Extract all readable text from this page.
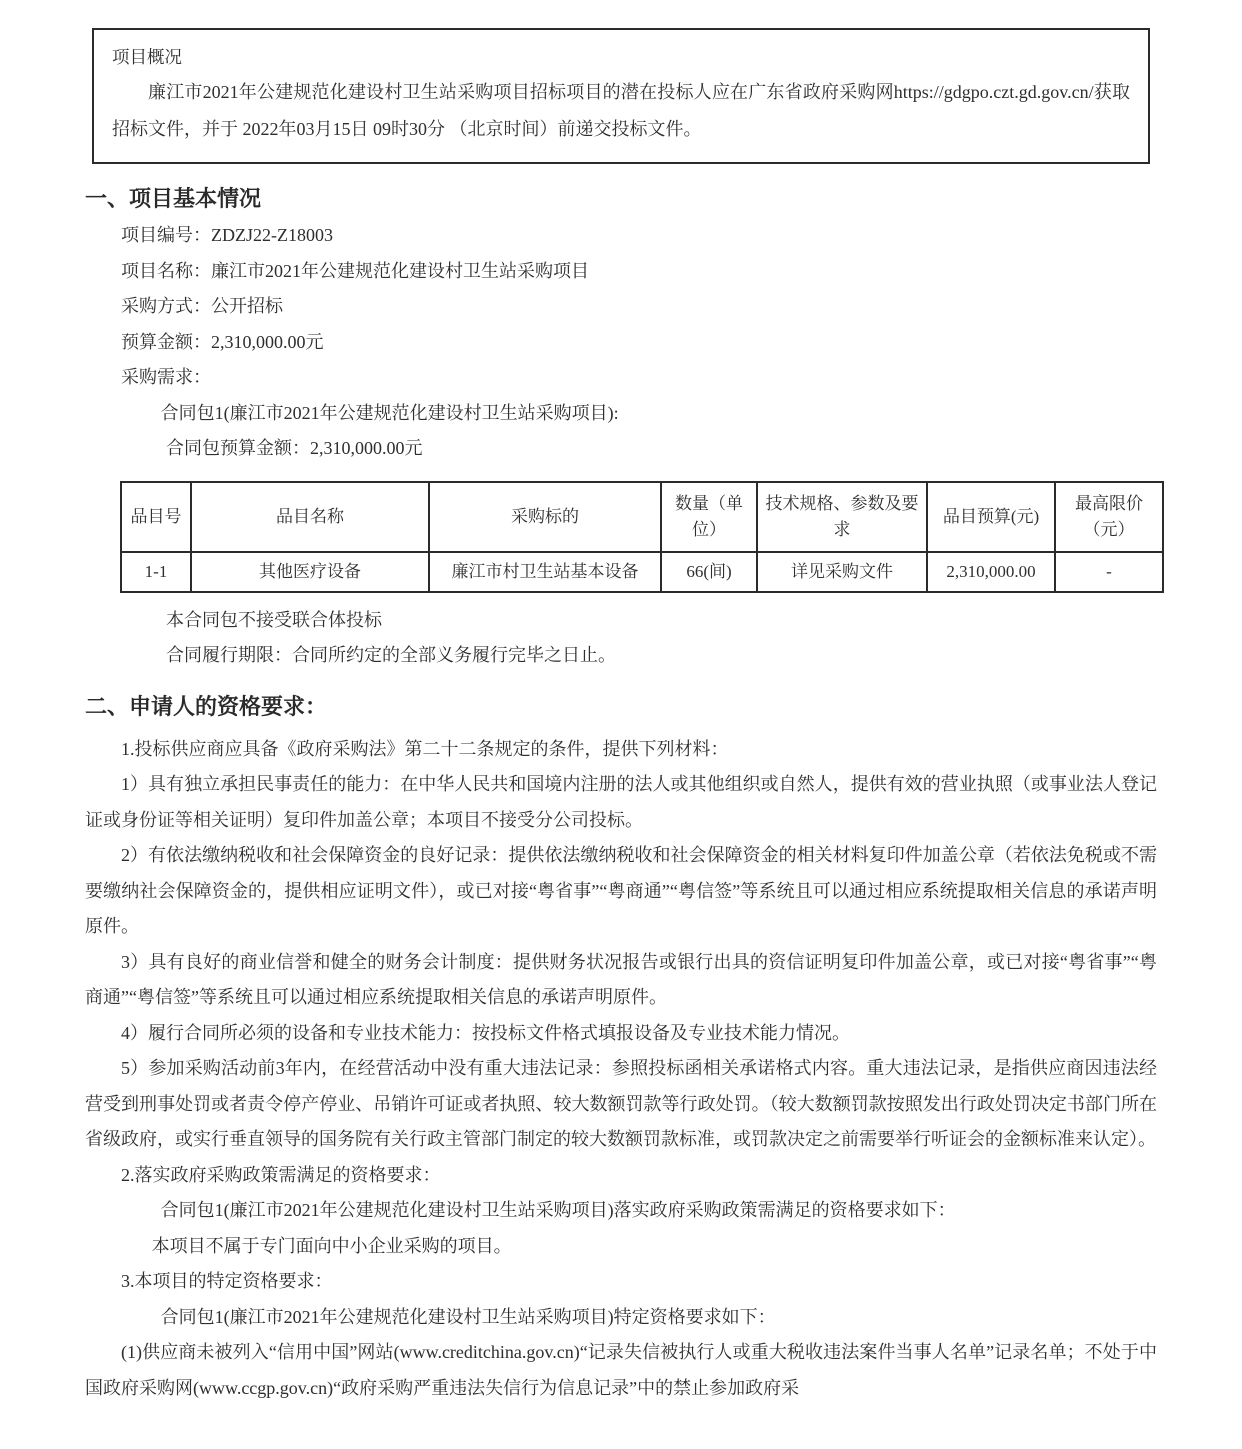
项目概况

廉江市2021年公建规范化建设村卫生站采购项目招标项目的潜在投标人应在广东省政府采购网https://gdgpo.czt.gd.gov.cn/获取招标文件，并于 2022年03月15日 09时30分 （北京时间）前递交投标文件。

一、项目基本情况

项目编号：ZDZJ22-Z18003

项目名称：廉江市2021年公建规范化建设村卫生站采购项目

采购方式：公开招标

预算金额：2,310,000.00元

采购需求：

合同包1(廉江市2021年公建规范化建设村卫生站采购项目):

合同包预算金额：2,310,000.00元

品目号	品目名称	采购标的	数量（单位）	技术规格、参数及要求	品目预算(元)	最高限价（元）
1-1	其他医疗设备	廉江市村卫生站基本设备	66(间)	详见采购文件	2,310,000.00	-

本合同包不接受联合体投标

合同履行期限：合同所约定的全部义务履行完毕之日止。

二、申请人的资格要求：

1.投标供应商应具备《政府采购法》第二十二条规定的条件，提供下列材料：

1）具有独立承担民事责任的能力：在中华人民共和国境内注册的法人或其他组织或自然人，提供有效的营业执照（或事业法人登记证或身份证等相关证明）复印件加盖公章；本项目不接受分公司投标。

2）有依法缴纳税收和社会保障资金的良好记录：提供依法缴纳税收和社会保障资金的相关材料复印件加盖公章（若依法免税或不需要缴纳社会保障资金的，提供相应证明文件），或已对接“粤省事”“粤商通”“粤信签”等系统且可以通过相应系统提取相关信息的承诺声明原件。

3）具有良好的商业信誉和健全的财务会计制度：提供财务状况报告或银行出具的资信证明复印件加盖公章，或已对接“粤省事”“粤商通”“粤信签”等系统且可以通过相应系统提取相关信息的承诺声明原件。

4）履行合同所必须的设备和专业技术能力：按投标文件格式填报设备及专业技术能力情况。

5）参加采购活动前3年内，在经营活动中没有重大违法记录：参照投标函相关承诺格式内容。重大违法记录，是指供应商因违法经营受到刑事处罚或者责令停产停业、吊销许可证或者执照、较大数额罚款等行政处罚。（较大数额罚款按照发出行政处罚决定书部门所在省级政府，或实行垂直领导的国务院有关行政主管部门制定的较大数额罚款标准，或罚款决定之前需要举行听证会的金额标准来认定）。

2.落实政府采购政策需满足的资格要求：

合同包1(廉江市2021年公建规范化建设村卫生站采购项目)落实政府采购政策需满足的资格要求如下：

本项目不属于专门面向中小企业采购的项目。

3.本项目的特定资格要求：

合同包1(廉江市2021年公建规范化建设村卫生站采购项目)特定资格要求如下：

(1)供应商未被列入“信用中国”网站(www.creditchina.gov.cn)“记录失信被执行人或重大税收违法案件当事人名单”记录名单；不处于中国政府采购网(www.ccgp.gov.cn)“政府采购严重违法失信行为信息记录”中的禁止参加政府采
